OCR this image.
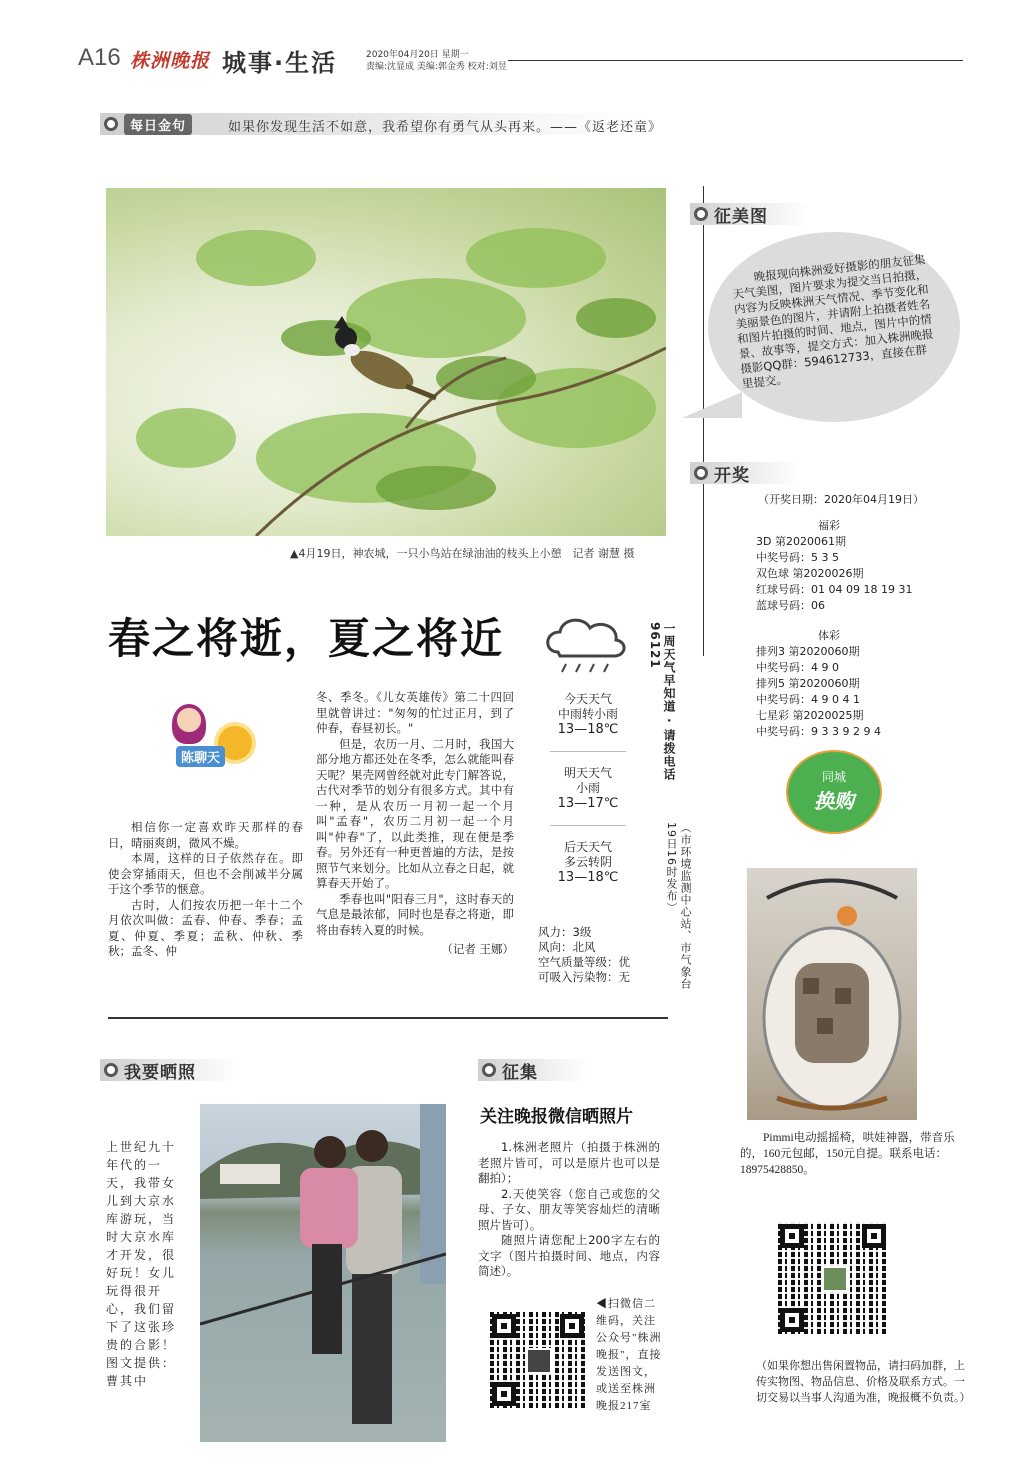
A16 株洲晚报 城事·生活	2020年04月20日 星期一
责编:沈显成 美编:郭金秀 校对:刘昱
每日金句	如果你发现生活不如意，我希望你有勇气从头再来。——《返老还童》
▲4月19日，神农城，一只小鸟站在绿油油的枝头上小憩　记者 谢慧 摄
春之将逝，夏之将近
陈聊天

相信你一定喜欢昨天那样的春日，晴丽爽朗，微风不燥。

本周，这样的日子依然存在。即使会穿插雨天，但也不会削减半分属于这个季节的惬意。

古时，人们按农历把一年十二个月依次叫做：孟春、仲春、季春；孟夏、仲夏、季夏；孟秋、仲秋、季秋；孟冬、仲

冬、季冬。《儿女英雄传》第二十四回里就曾讲过："匆匆的忙过正月，到了仲春，春昼初长。"

但是，农历一月、二月时，我国大部分地方都还处在冬季，怎么就能叫春天呢？果壳网曾经就对此专门解答说，古代对季节的划分有很多方式。其中有一种，是从农历一月初一起一个月叫"孟春"，农历二月初一起一个月叫"仲春"了，以此类推，现在便是季春。另外还有一种更普遍的方法，是按照节气来划分。比如从立春之日起，就算春天开始了。

季春也叫"阳春三月"，这时春天的气息是最浓郁，同时也是春之将逝，即将由春转入夏的时候。

（记者 王娜）
今天天气
中雨转小雨
13—18℃
明天天气
小雨
13—17℃
后天天气
多云转阴
13—18℃
风力：3级
风向：北风
空气质量等级：优
可吸入污染物：无
一周天气早知道 · 请拨电话96121
（市环境监测中心站、市气象台19日16时发布）
征美图
晚报现向株洲爱好摄影的朋友征集天气美图，图片要求为提交当日拍摄，内容为反映株洲天气情况、季节变化和美丽景色的图片，并请附上拍摄者姓名和图片拍摄的时间、地点，图片中的情景、故事等，提交方式：加入株洲晚报摄影QQ群：594612733，直接在群里提交。
开奖
（开奖日期：2020年04月19日）
福彩
3D 第2020061期
中奖号码：5 3 5
双色球 第2020026期
红球号码：01 04 09 18 19 31
蓝球号码：06
体彩
排列3 第2020060期
中奖号码：4 9 0
排列5 第2020060期
中奖号码：4 9 0 4 1
七星彩 第2020025期
中奖号码：9 3 3 9 2 9 4
同城
换购
Pimmi电动摇摇椅，哄娃神器，带音乐的，160元包邮，150元自提。联系电话：18975428850。
（如果你想出售闲置物品，请扫码加群，上传实物图、物品信息、价格及联系方式。一切交易以当事人沟通为准，晚报概不负责。）
我要晒照
上世纪九十年代的一天，我带女儿到大京水库游玩，当时大京水库才开发，很好玩！女儿玩得很开心，我们留下了这张珍贵的合影！ 图文提供：曹其中
征集
关注晚报微信晒照片

1.株洲老照片（拍摄于株洲的老照片皆可，可以是原片也可以是翻拍）；

2.天使笑容（您自己或您的父母、子女、朋友等笑容灿烂的清晰照片皆可）。

随照片请您配上200字左右的文字（图片拍摄时间、地点，内容简述）。

◀扫微信二维码，关注公众号"株洲晚报"，直接发送图文，或送至株洲晚报217室
